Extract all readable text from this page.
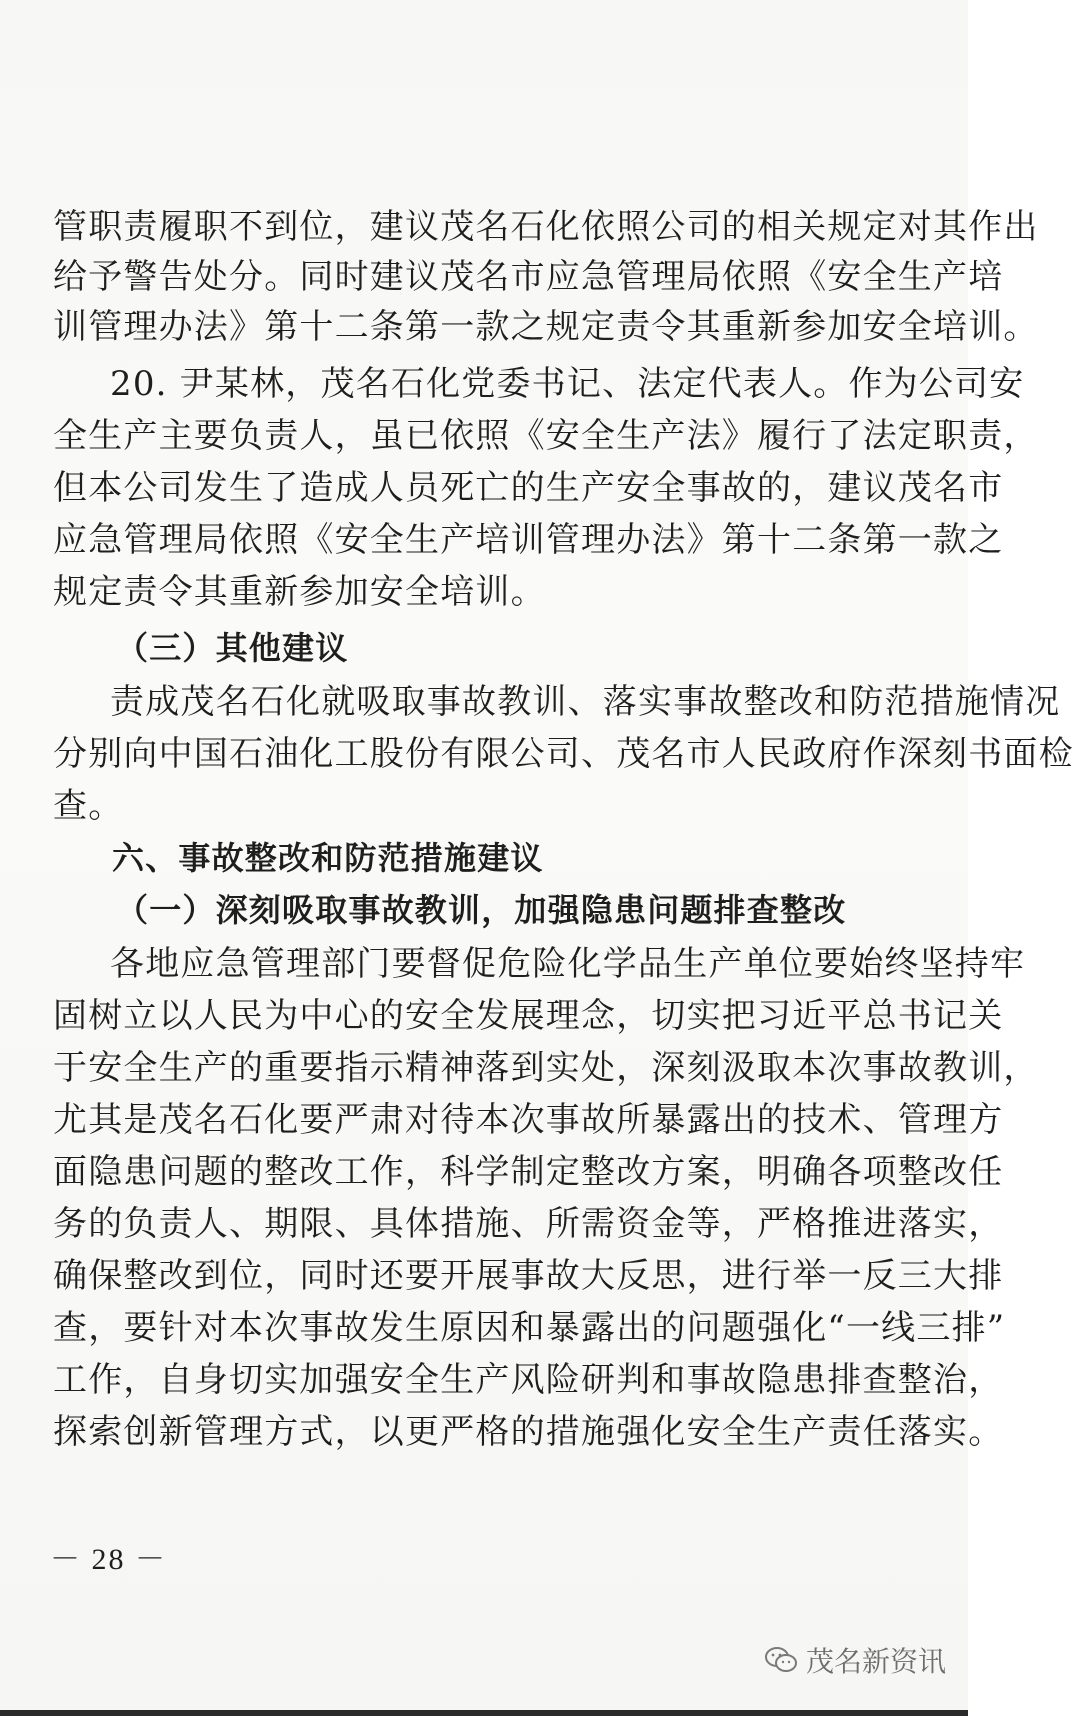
管职责履职不到位，建议茂名石化依照公司的相关规定对其作出
给予警告处分。同时建议茂名市应急管理局依照《安全生产培
训管理办法》第十二条第一款之规定责令其重新参加安全培训。
20. 尹某林，茂名石化党委书记、法定代表人。作为公司安
全生产主要负责人，虽已依照《安全生产法》履行了法定职责，
但本公司发生了造成人员死亡的生产安全事故的，建议茂名市
应急管理局依照《安全生产培训管理办法》第十二条第一款之
规定责令其重新参加安全培训。
（三）其他建议
责成茂名石化就吸取事故教训、落实事故整改和防范措施情况
分别向中国石油化工股份有限公司、茂名市人民政府作深刻书面检
查。
六、事故整改和防范措施建议
（一）深刻吸取事故教训，加强隐患问题排查整改
各地应急管理部门要督促危险化学品生产单位要始终坚持牢
固树立以人民为中心的安全发展理念，切实把习近平总书记关
于安全生产的重要指示精神落到实处，深刻汲取本次事故教训，
尤其是茂名石化要严肃对待本次事故所暴露出的技术、管理方
面隐患问题的整改工作，科学制定整改方案，明确各项整改任
务的负责人、期限、具体措施、所需资金等，严格推进落实，
确保整改到位，同时还要开展事故大反思，进行举一反三大排
查，要针对本次事故发生原因和暴露出的问题强化“一线三排”
工作，自身切实加强安全生产风险研判和事故隐患排查整治，
探索创新管理方式，以更严格的措施强化安全生产责任落实。
－ 28 －
茂名新资讯
